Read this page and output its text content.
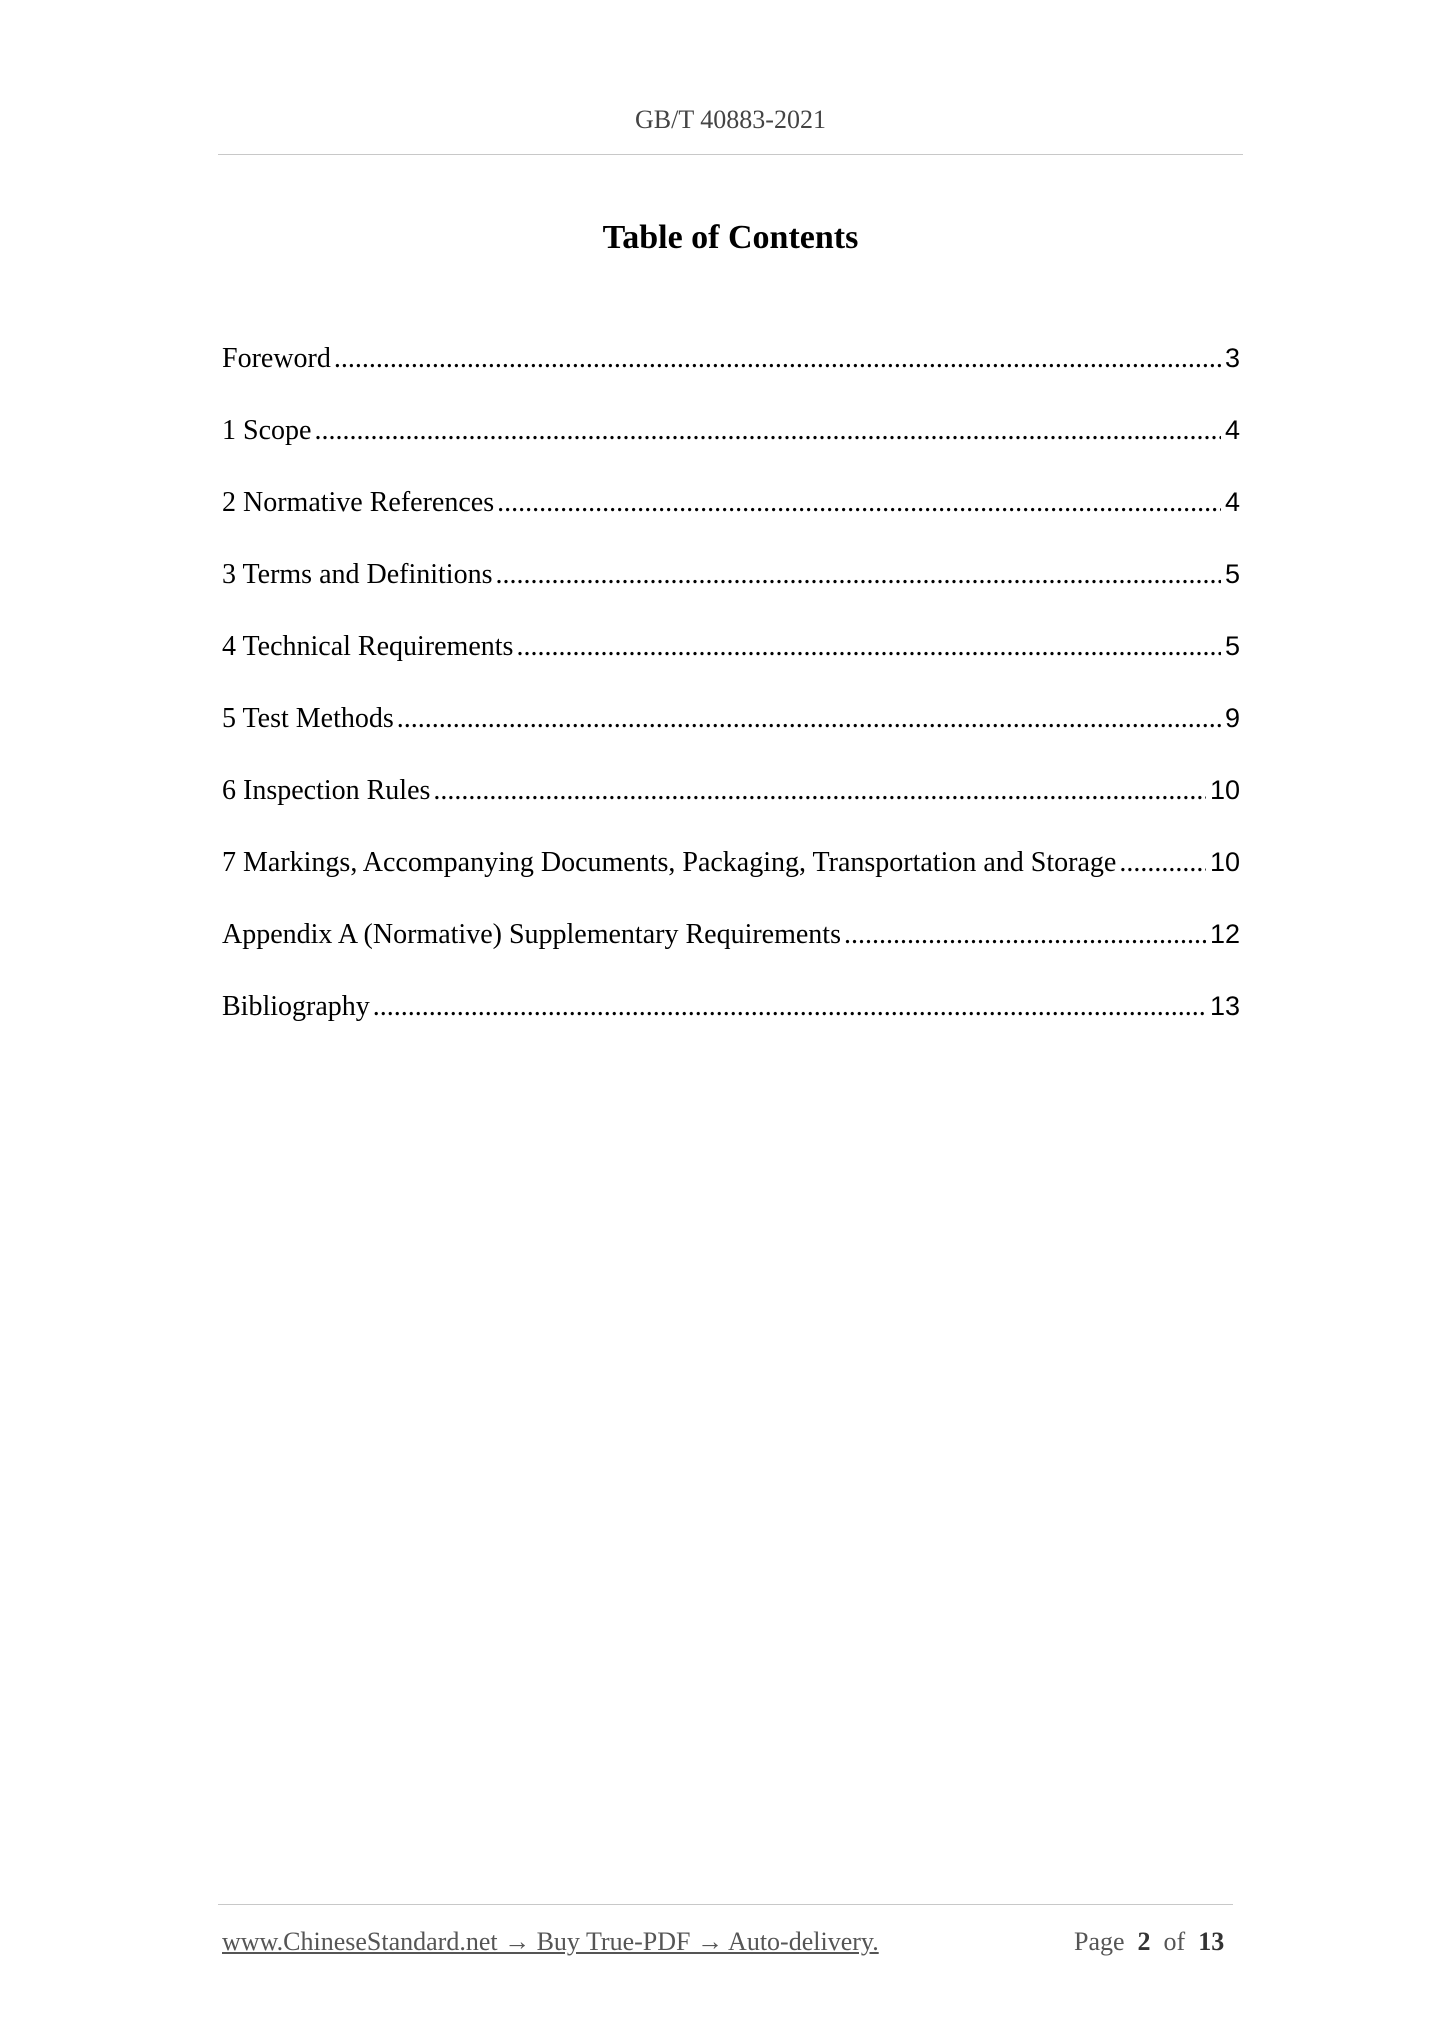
GB/T 40883-2021
Table of Contents
Foreword .....	3
1 Scope .....	4
2 Normative References .....	4
3 Terms and Definitions .....	5
4 Technical Requirements .....	5
5 Test Methods .....	9
6 Inspection Rules .....	10
7 Markings, Accompanying Documents, Packaging, Transportation and Storage .....	10
Appendix A (Normative) Supplementary Requirements .....	12
Bibliography .....	13
www.ChineseStandard.net → Buy True-PDF → Auto-delivery.	Page 2 of 13
